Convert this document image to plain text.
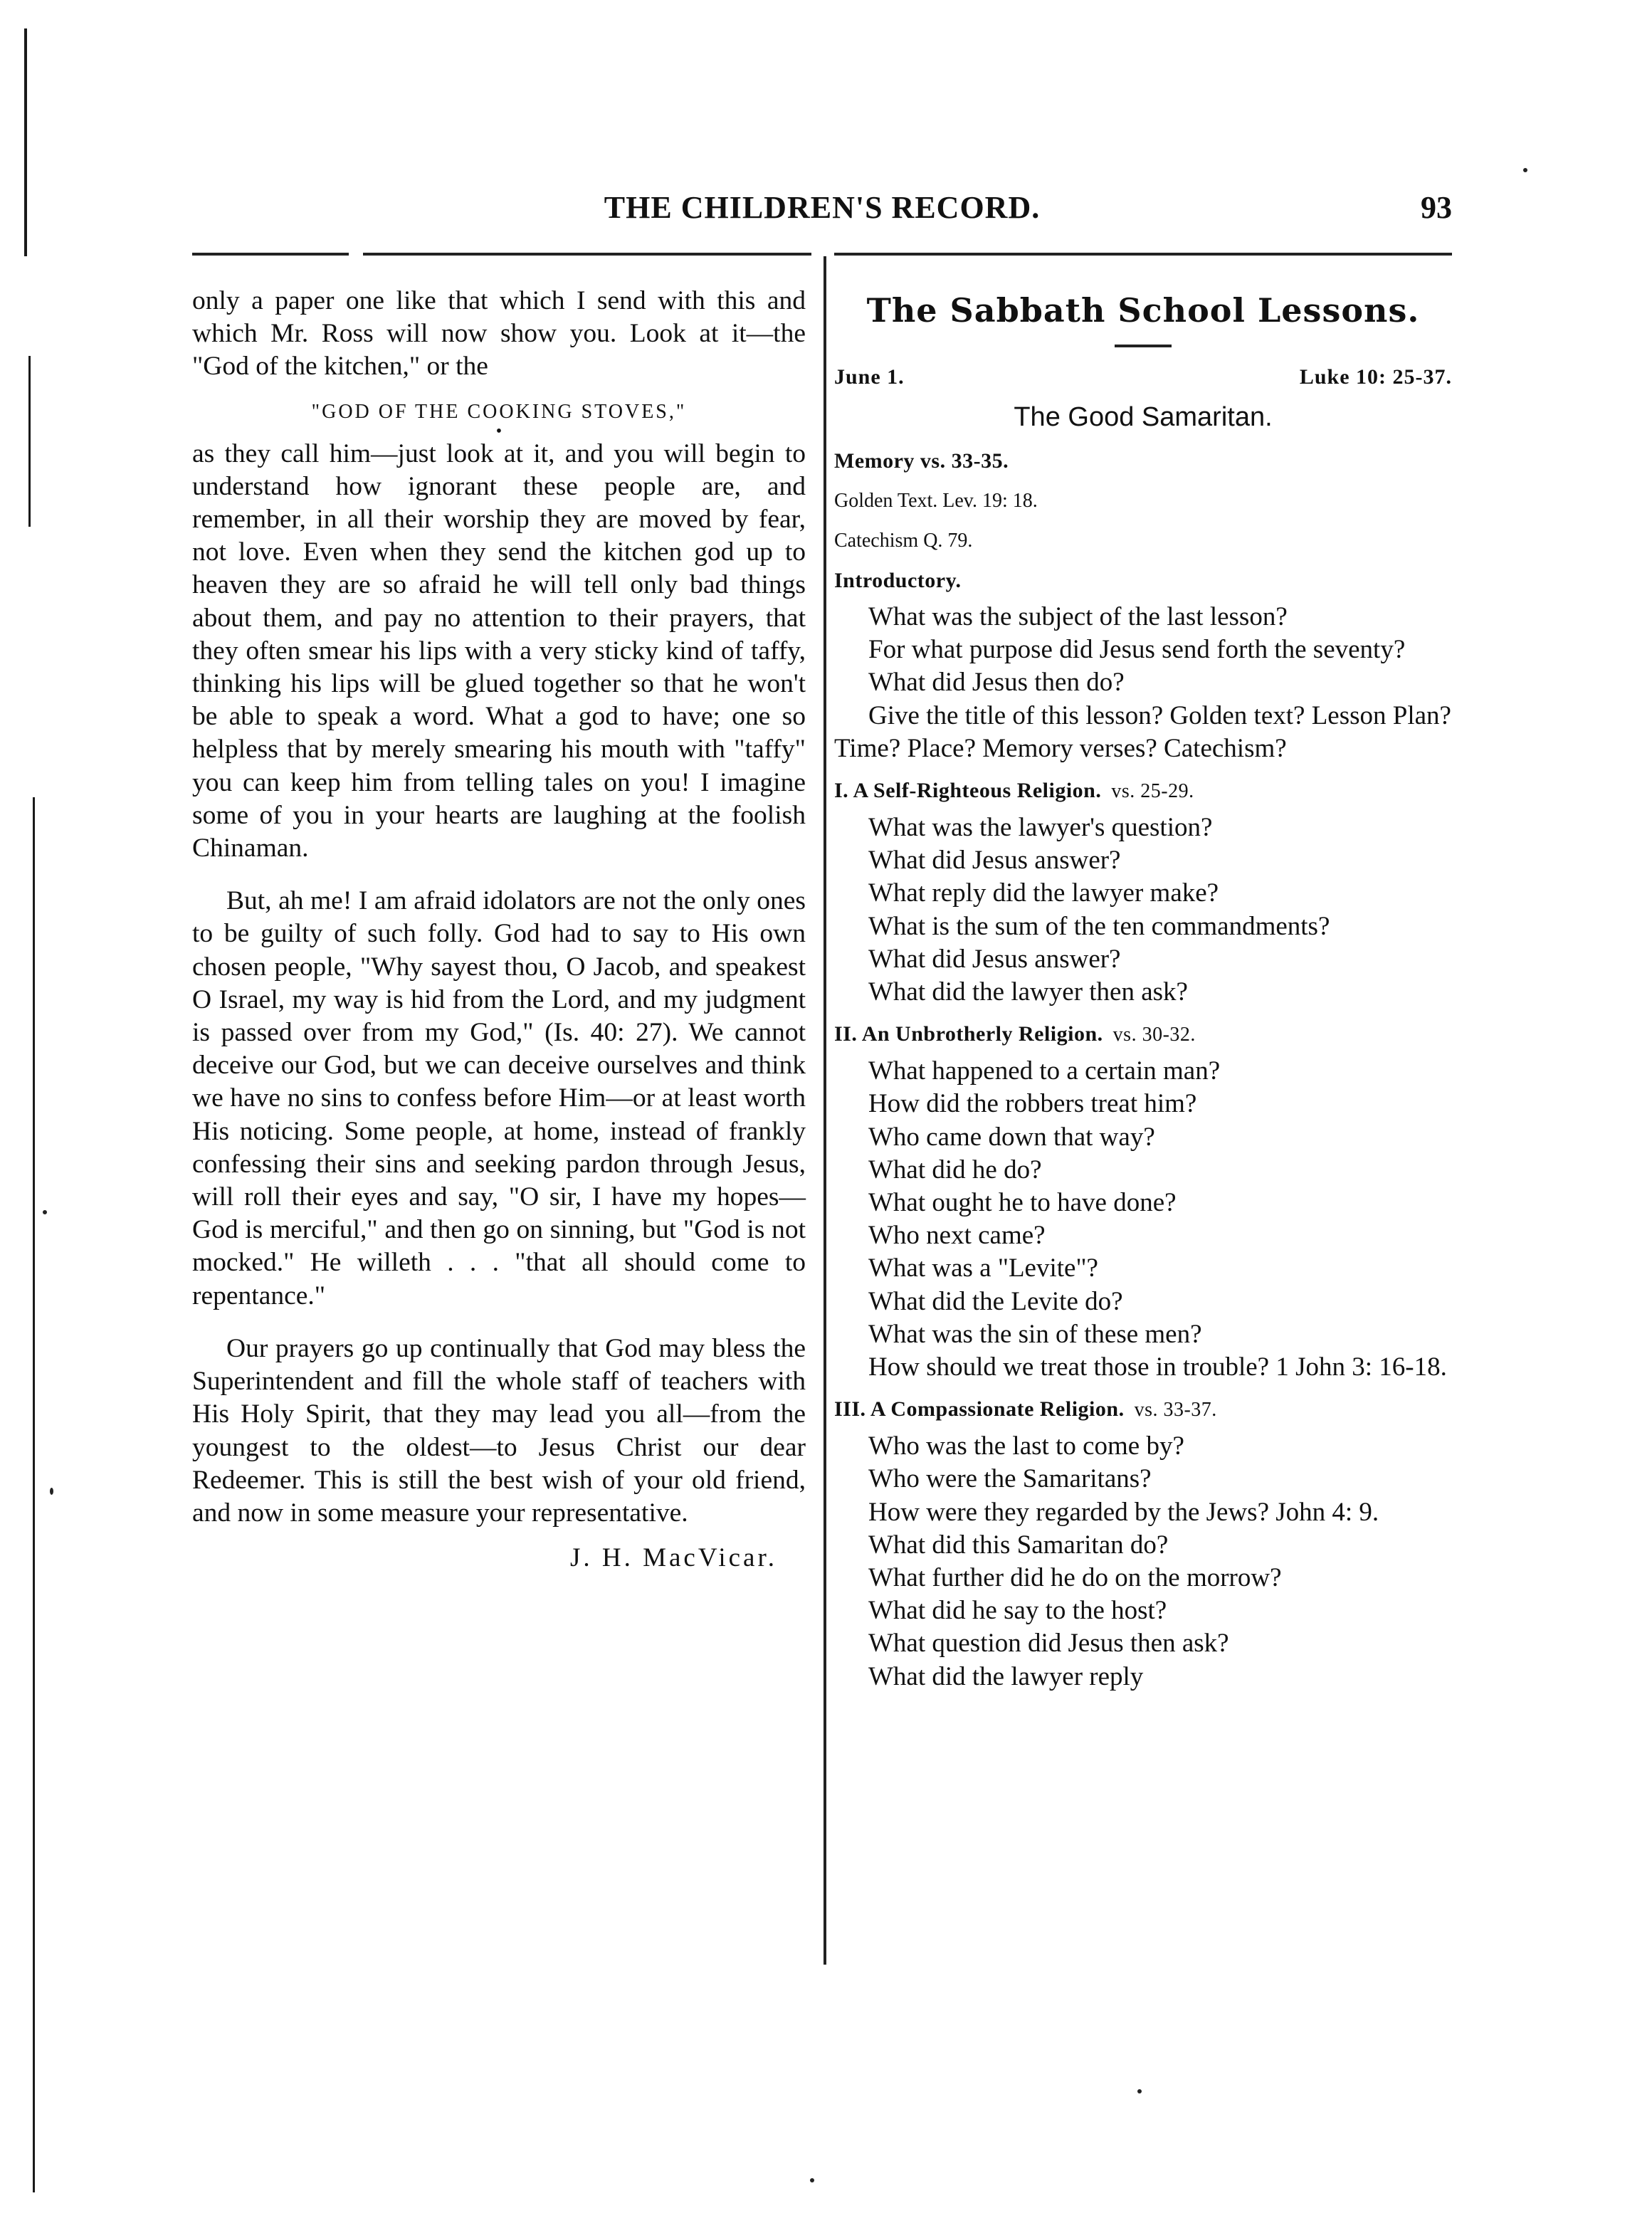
THE CHILDREN'S RECORD.	93

only a paper one like that which I send with this and which Mr. Ross will now show you. Look at it—the "God of the kitchen," or the

"GOD OF THE COOKING STOVES,"
•

as they call him—just look at it, and you will begin to understand how ignorant these people are, and remember, in all their worship they are moved by fear, not love. Even when they send the kitchen god up to heaven they are so afraid he will tell only bad things about them, and pay no attention to their prayers, that they often smear his lips with a very sticky kind of taffy, thinking his lips will be glued together so that he won't be able to speak a word. What a god to have; one so helpless that by merely smearing his mouth with "taffy" you can keep him from telling tales on you! I imagine some of you in your hearts are laughing at the foolish Chinaman.

But, ah me! I am afraid idolators are not the only ones to be guilty of such folly. God had to say to His own chosen people, "Why sayest thou, O Jacob, and speakest O Israel, my way is hid from the Lord, and my judgment is passed over from my God," (Is. 40: 27). We cannot deceive our God, but we can deceive ourselves and think we have no sins to confess before Him—or at least worth His noticing. Some people, at home, instead of frankly confessing their sins and seeking pardon through Jesus, will roll their eyes and say, "O sir, I have my hopes—God is merciful," and then go on sinning, but "God is not mocked." He willeth . . . "that all should come to repentance."

Our prayers go up continually that God may bless the Superintendent and fill the whole staff of teachers with His Holy Spirit, that they may lead you all—from the youngest to the oldest—to Jesus Christ our dear Redeemer. This is still the best wish of your old friend, and now in some measure your representative.

J. H. MacVicar.
The Sabbath School Lessons.
June 1.	Luke 10: 25-37.
The Good Samaritan.
Memory vs. 33-35.
Golden Text. Lev. 19: 18.
Catechism Q. 79.
Introductory.

What was the subject of the last lesson?

For what purpose did Jesus send forth the seventy?

What did Jesus then do?

Give the title of this lesson? Golden text? Lesson Plan? Time? Place? Memory verses? Catechism?

I. A Self-Righteous Religion. vs. 25-29.

What was the lawyer's question?

What did Jesus answer?

What reply did the lawyer make?

What is the sum of the ten commandments?

What did Jesus answer?

What did the lawyer then ask?

II. An Unbrotherly Religion. vs. 30-32.

What happened to a certain man?

How did the robbers treat him?

Who came down that way?

What did he do?

What ought he to have done?

Who next came?

What was a "Levite"?

What did the Levite do?

What was the sin of these men?

How should we treat those in trouble? 1 John 3: 16-18.

III. A Compassionate Religion. vs. 33-37.

Who was the last to come by?

Who were the Samaritans?

How were they regarded by the Jews? John 4: 9.

What did this Samaritan do?

What further did he do on the morrow?

What did he say to the host?

What question did Jesus then ask?

What did the lawyer reply
